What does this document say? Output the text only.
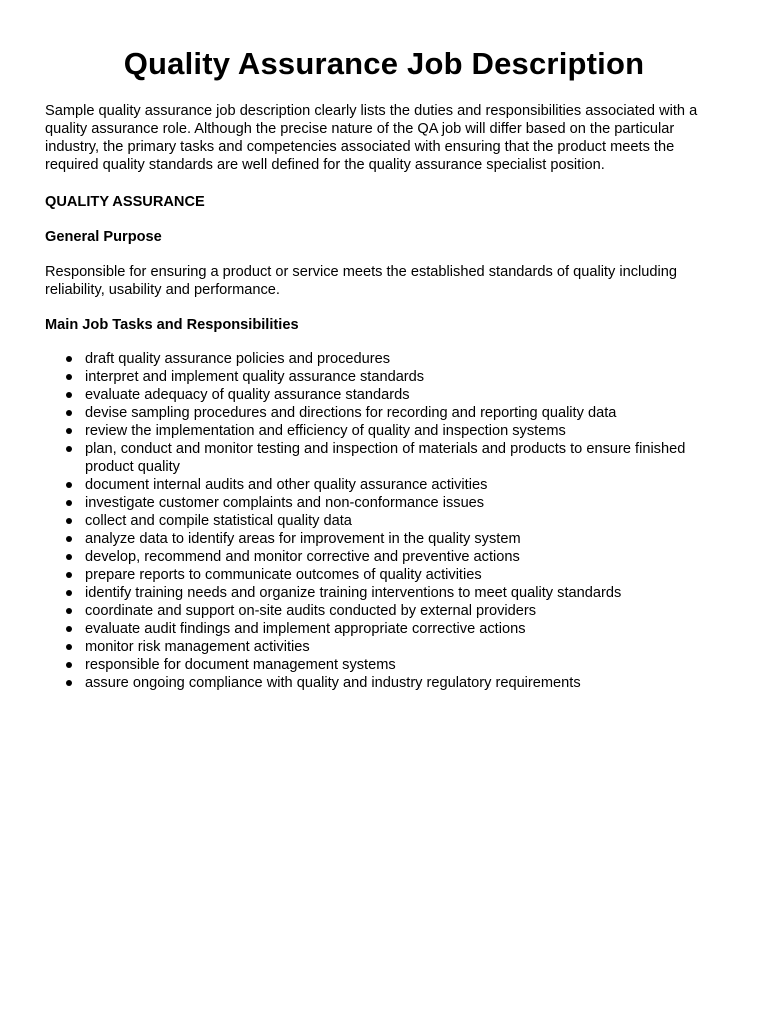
Quality Assurance Job Description

Sample quality assurance job description clearly lists the duties and responsibilities associated with a quality assurance role. Although the precise nature of the QA job will differ based on the particular industry, the primary tasks and competencies associated with ensuring that the product meets the required quality standards are well defined for the quality assurance specialist position.

QUALITY ASSURANCE
General Purpose

Responsible for ensuring a product or service meets the established standards of quality including reliability, usability and performance.

Main Job Tasks and Responsibilities
draft quality assurance policies and procedures
interpret and implement quality assurance standards
evaluate adequacy of quality assurance standards
devise sampling procedures and directions for recording and reporting quality data
review the implementation and efficiency of quality and inspection systems
plan, conduct and monitor testing and inspection of materials and products to ensure finished product quality
document internal audits and other quality assurance activities
investigate customer complaints and non-conformance issues
collect and compile statistical quality data
analyze data to identify areas for improvement in the quality system
develop, recommend and monitor corrective and preventive actions
prepare reports to communicate outcomes of quality activities
identify training needs and organize training interventions to meet quality standards
coordinate and support on-site audits conducted by external providers
evaluate audit findings and implement appropriate corrective actions
monitor risk management activities
responsible for document management systems
assure ongoing compliance with quality and industry regulatory requirements
